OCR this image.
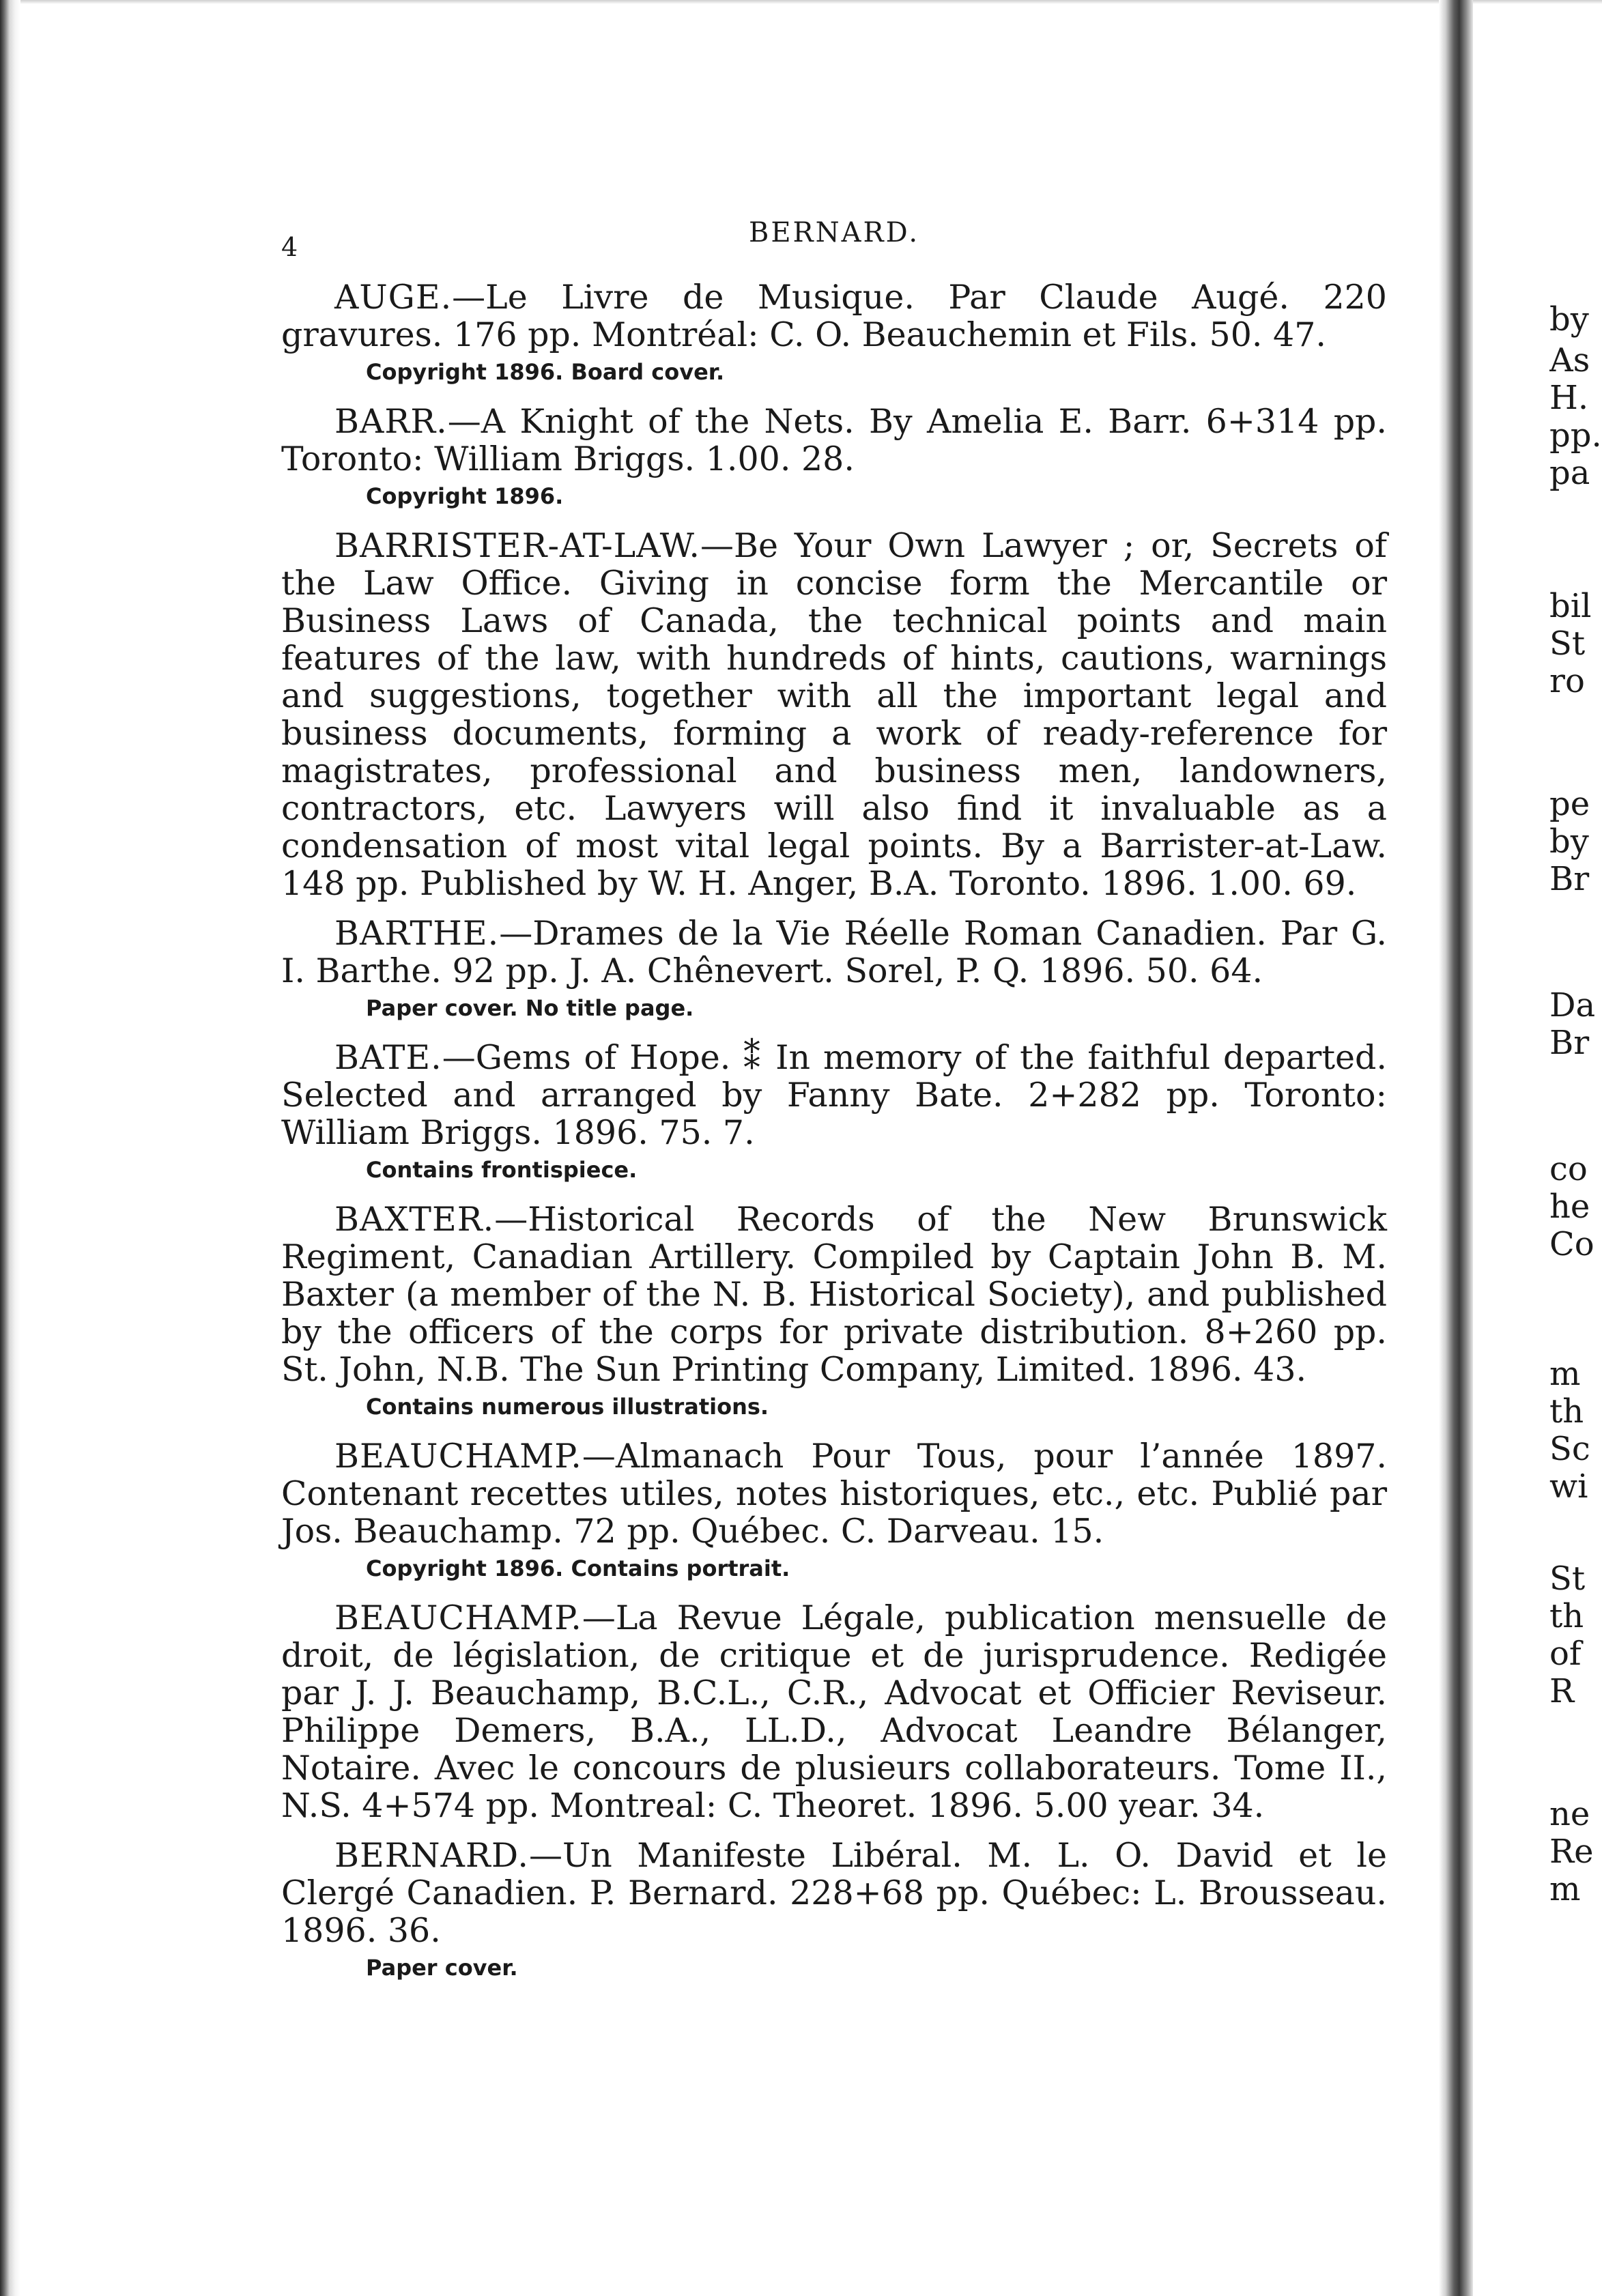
4	BERNARD.

AUGE.—Le Livre de Musique. Par Claude Augé. 220 gravures. 176 pp. Montréal: C. O. Beauchemin et Fils. 50. 47.

Copyright 1896. Board cover.

BARR.—A Knight of the Nets. By Amelia E. Barr. 6+314 pp. Toronto: William Briggs. 1.00. 28.

Copyright 1896.

BARRISTER-AT-LAW.—Be Your Own Lawyer ; or, Secrets of the Law Office. Giving in concise form the Mercantile or Business Laws of Canada, the technical points and main features of the law, with hundreds of hints, cautions, warnings and suggestions, together with all the important legal and business documents, forming a work of ready-reference for magistrates, professional and business men, landowners, contractors, etc. Lawyers will also find it invaluable as a condensation of most vital legal points. By a Barrister-at-Law. 148 pp. Published by W. H. Anger, B.A. Toronto. 1896. 1.00. 69.

BARTHE.—Drames de la Vie Réelle Roman Canadien. Par G. I. Barthe. 92 pp. J. A. Chênevert. Sorel, P. Q. 1896. 50. 64.

Paper cover. No title page.

BATE.—Gems of Hope. ⁑ In memory of the faithful departed. Selected and arranged by Fanny Bate. 2+282 pp. Toronto: William Briggs. 1896. 75. 7.

Contains frontispiece.

BAXTER.—Historical Records of the New Brunswick Regiment, Canadian Artillery. Compiled by Captain John B. M. Baxter (a member of the N. B. Historical Society), and published by the officers of the corps for private distribution. 8+260 pp. St. John, N.B. The Sun Printing Company, Limited. 1896. 43.

Contains numerous illustrations.

BEAUCHAMP.—Almanach Pour Tous, pour l’année 1897. Contenant recettes utiles, notes historiques, etc., etc. Publié par Jos. Beauchamp. 72 pp. Québec. C. Darveau. 15.

Copyright 1896. Contains portrait.

BEAUCHAMP.—La Revue Légale, publication mensuelle de droit, de législation, de critique et de jurisprudence. Redigée par J. J. Beauchamp, B.C.L., C.R., Advocat et Officier Reviseur. Philippe Demers, B.A., LL.D., Advocat Leandre Bélanger, Notaire. Avec le concours de plusieurs collaborateurs. Tome II., N.S. 4+574 pp. Montreal: C. Theoret. 1896. 5.00 year. 34.

BERNARD.—Un Manifeste Libéral. M. L. O. David et le Clergé Canadien. P. Bernard. 228+68 pp. Québec: L. Brousseau. 1896. 36.

Paper cover.
by
As
H.
pp.
pa
bil
St
ro
pe
by
Br
Da
Br
co
he
Co
m
th
Sc
wi
St
th
of
R
ne
Re
m
